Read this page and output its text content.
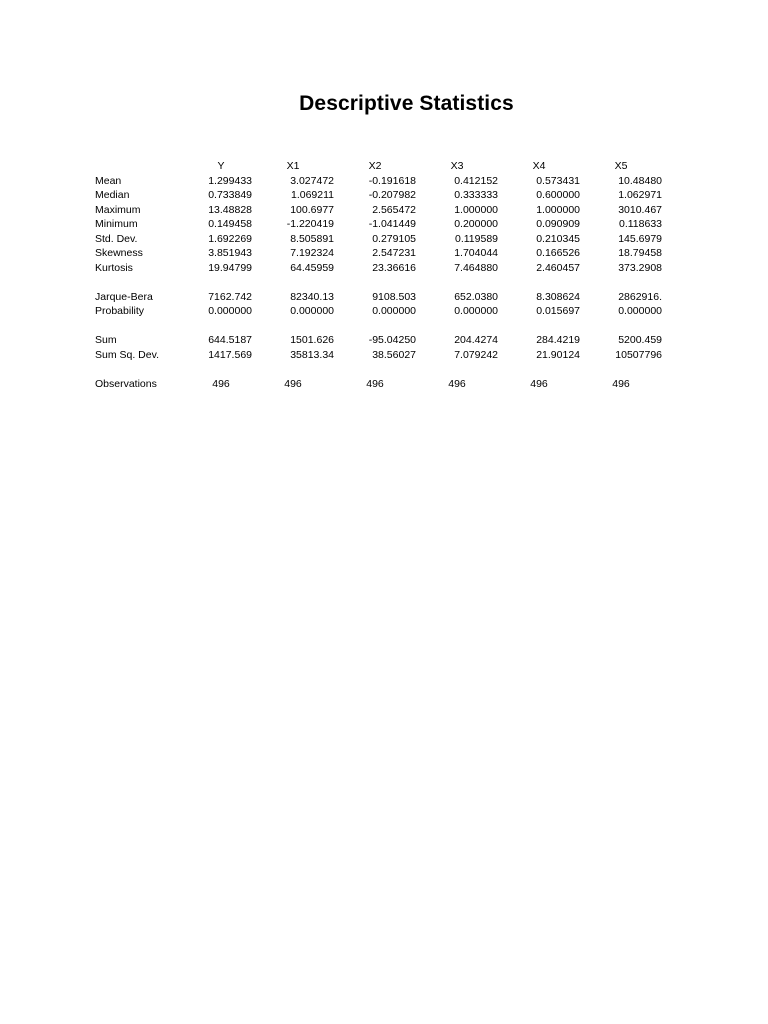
Descriptive Statistics
	Y	X1	X2	X3	X4	X5
Mean	1.299433	3.027472	-0.191618	0.412152	0.573431	10.48480
Median	0.733849	1.069211	-0.207982	0.333333	0.600000	1.062971
Maximum	13.48828	100.6977	2.565472	1.000000	1.000000	3010.467
Minimum	0.149458	-1.220419	-1.041449	0.200000	0.090909	0.118633
Std. Dev.	1.692269	8.505891	0.279105	0.119589	0.210345	145.6979
Skewness	3.851943	7.192324	2.547231	1.704044	0.166526	18.79458
Kurtosis	19.94799	64.45959	23.36616	7.464880	2.460457	373.2908

Jarque-Bera	7162.742	82340.13	9108.503	652.0380	8.308624	2862916.
Probability	0.000000	0.000000	0.000000	0.000000	0.015697	0.000000

Sum	644.5187	1501.626	-95.04250	204.4274	284.4219	5200.459
Sum Sq. Dev.	1417.569	35813.34	38.56027	7.079242	21.90124	10507796

Observations	496	496	496	496	496	496
